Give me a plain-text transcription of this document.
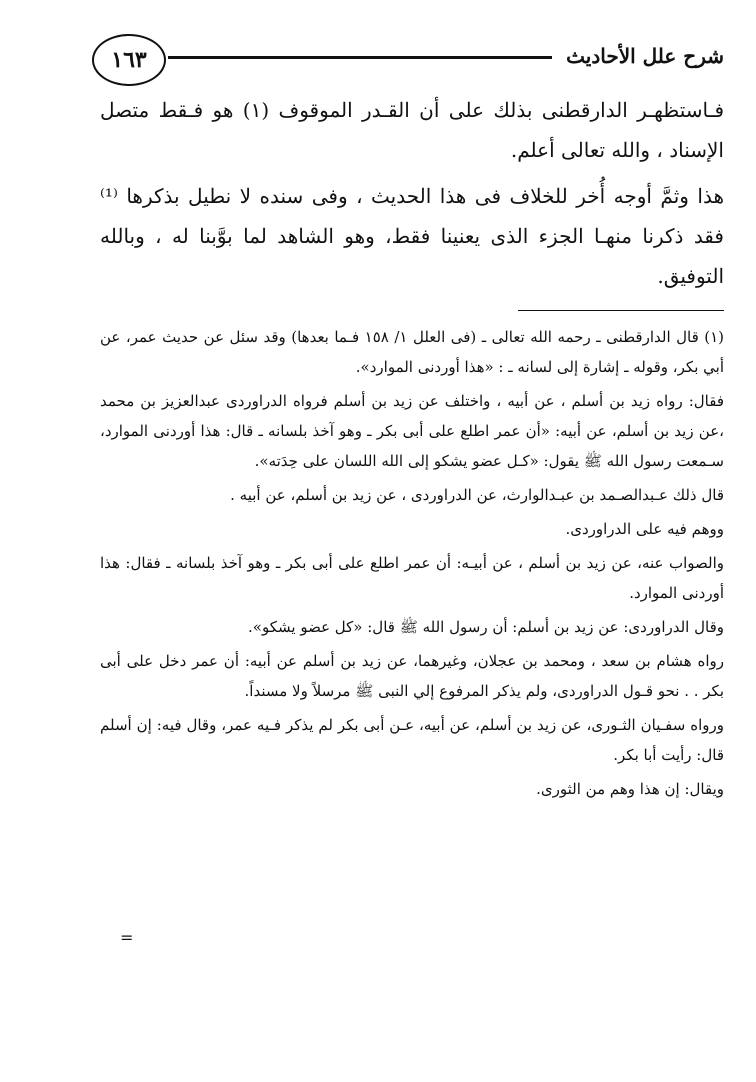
شرح علل الأحاديث
١٦٣

فـاستظهـر الدارقطنى بذلك على أن القـدر الموقوف (١) هو فـقط متصل الإسناد ، والله تعالى أعلم.

هذا وثمَّ أوجه أُخر للخلاف فى هذا الحديث ، وفى سنده لا نطيل بذكرها ⁽¹⁾ فقد ذكرنا منهـا الجزء الذى يعنينا فقط، وهو الشاهد لما بوَّبنا له ، وبالله التوفيق.

(١) قال الدارقطنى ـ رحمه الله تعالى ـ (فى العلل ١/ ١٥٨ فـما بعدها) وقد سئل عن حديث عمر، عن أبي بكر، وقوله ـ إشارة إلى لسانه ـ : «هذا أوردنى الموارد».

فقال: رواه زيد بن أسلم ، عن أبيه ، واختلف عن زيد بن أسلم فرواه الدراوردى عبدالعزيز بن محمد ،عن زيد بن أسلم، عن أبيه: «أن عمر اطلع على أبى بكر ـ وهو آخذ بلسانه ـ قال: هذا أوردنى الموارد، سـمعت رسول الله ﷺ يقول: «كـل عضو يشكو إلى الله اللسان على حِدَته».

قال ذلك عـبدالصـمد بن عبـدالوارث، عن الدراوردى ، عن زيد بن أسلم، عن أبيه .

ووهم فيه على الدراوردى.

والصواب عنه، عن زيد بن أسلم ، عن أبيـه: أن عمر اطلع على أبى بكر ـ وهو آخذ بلسانه ـ فقال: هذا أوردنى الموارد.

وقال الدراوردى: عن زيد بن أسلم: أن رسول الله ﷺ قال: «كل عضو يشكو».

رواه هشام بن سعد ، ومحمد بن عجلان، وغيرهما، عن زيد بن أسلم عن أبيه: أن عمر دخل على أبى بكر . . نحو قـول الدراوردى، ولم يذكر المرفوع إلي النبى ﷺ مرسلاً ولا مسنداً.

ورواه سفـيان الثـورى، عن زيد بن أسلم، عن أبيه، عـن أبى بكر لم يذكر فـيه عمر، وقال فيه: إن أسلم قال: رأيت أبا بكر.

ويقال: إن هذا وهم من الثورى.

=
